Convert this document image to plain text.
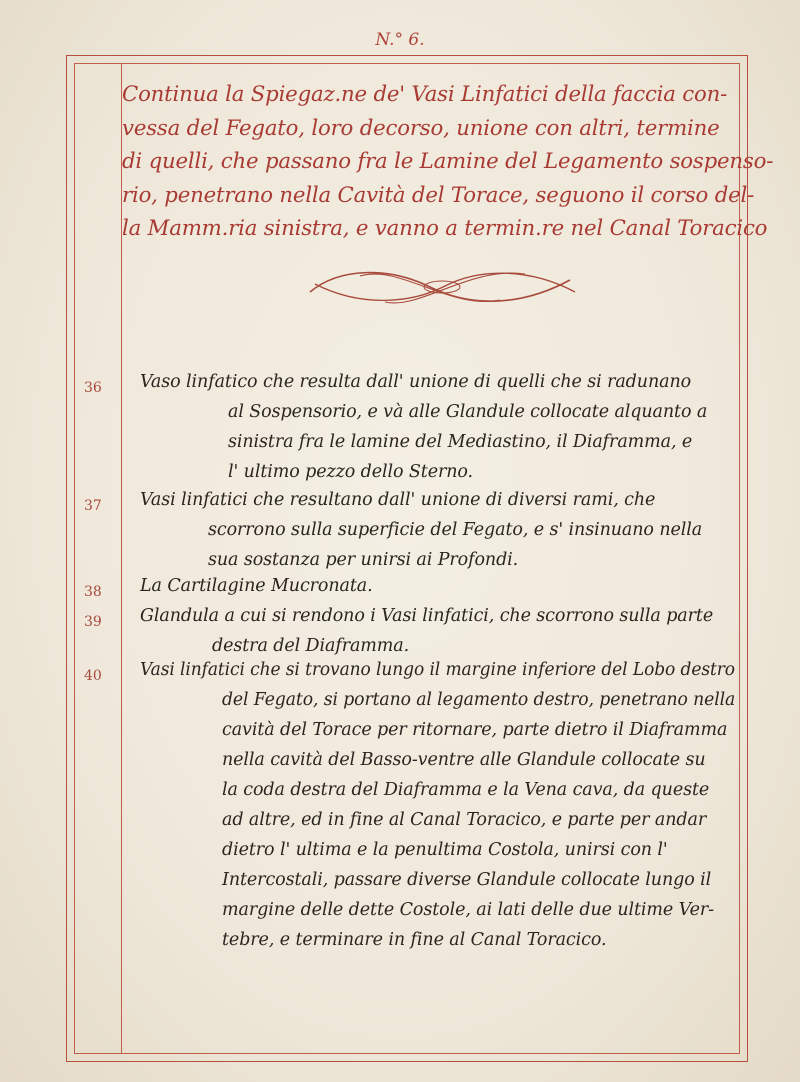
N.° 6.
Continua la Spiegaz.ne de' Vasi Linfatici della faccia con- vessa del Fegato, loro decorso, unione con altri, termine di quelli, che passano fra le Lamine del Legamento sospenso- rio, penetrano nella Cavità del Torace, seguono il corso del- la Mamm.ria sinistra, e vanno a termin.re nel Canal Toracico
36	Vaso linfatico che resulta dall' unione di quelli che si radunano
al Sospensorio, e và alle Glandule collocate alquanto a
sinistra fra le lamine del Mediastino, il Diaframma, e
l' ultimo pezzo dello Sterno.
37	Vasi linfatici che resultano dall' unione di diversi rami, che
scorrono sulla superficie del Fegato, e s' insinuano nella
sua sostanza per unirsi ai Profondi.
38	La Cartilagine Mucronata.
39	Glandula a cui si rendono i Vasi linfatici, che scorrono sulla parte
destra del Diaframma.
40	Vasi linfatici che si trovano lungo il margine inferiore del Lobo destro
del Fegato, si portano al legamento destro, penetrano nella
cavità del Torace per ritornare, parte dietro il Diaframma
nella cavità del Basso-ventre alle Glandule collocate su
la coda destra del Diaframma e la Vena cava, da queste
ad altre, ed in fine al Canal Toracico, e parte per andar
dietro l' ultima e la penultima Costola, unirsi con l'
Intercostali, passare diverse Glandule collocate lungo il
margine delle dette Costole, ai lati delle due ultime Ver-
tebre, e terminare in fine al Canal Toracico.
